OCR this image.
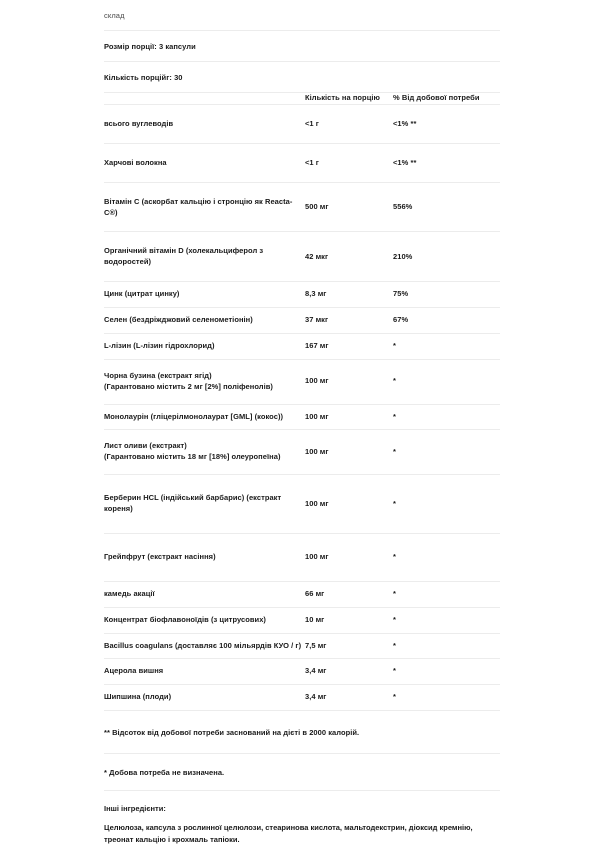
склад
Розмір порції: 3 капсули
Кількість порційг: 30
	Кількість на порцію	% Від добової потреби

всього вуглеводів	<1 г	<1% **

Харчові волокна	<1 г	<1% **

Вітамін C (аскорбат кальцію і стронцію як Reacta-C®)	500 мг	556%

Органічний вітамін D (холекальциферол з водоростей)	42 мкг	210%

Цинк (цитрат цинку)	8,3 мг	75%

Селен (бездріжджовий селенометіонін)	37 мкг	67%

L-лізин (L-лізин гідрохлорид)	167 мг	*

Чорна бузина (екстракт ягід)
(Гарантовано містить 2 мг [2%] поліфенолів)	100 мг	*

Монолаурін (гліцерілмонолаурат [GML] (кокос))	100 мг	*

Лист оливи (екстракт)
(Гарантовано містить 18 мг [18%] олеуропеїна)	100 мг	*

Берберин HCL (індійський барбарис) (екстракт кореня)	100 мг	*

Грейпфрут (екстракт насіння)	100 мг	*

камедь акації	66 мг	*

Концентрат біофлавоноїдів (з цитрусових)	10 мг	*

Bacillus coagulans (доставляє 100 мільярдів КУО / г)	7,5 мг	*

Ацерола вишня	3,4 мг	*

Шипшина (плоди)	3,4 мг	*
** Відсоток від добової потреби заснований на дієті в 2000 калорій.
* Добова потреба не визначена.
Інші інгредієнти:
Целюлоза, капсула з рослинної целюлози, стеаринова кислота, мальтодекстрин, діоксид кремнію, треонат кальцію і крохмаль тапіоки.
